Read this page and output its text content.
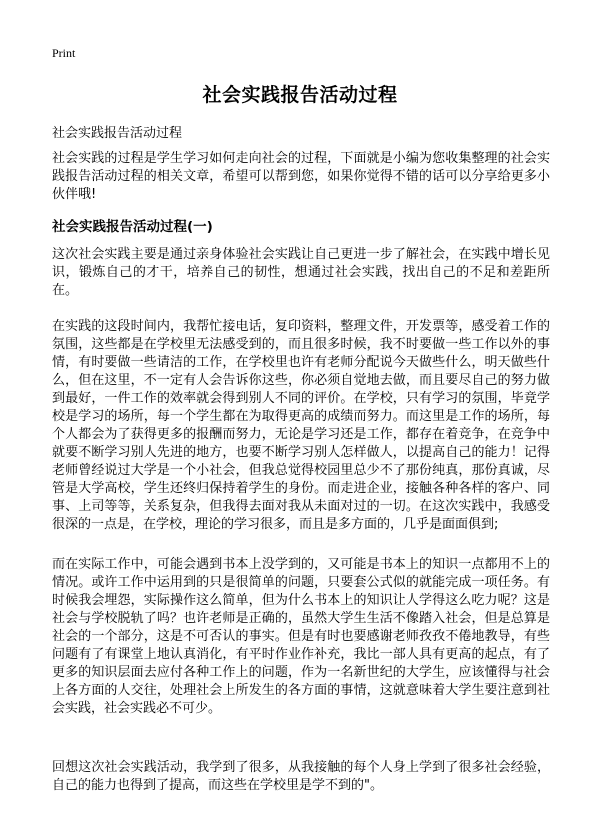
Print
社会实践报告活动过程
社会实践报告活动过程

社会实践的过程是学生学习如何走向社会的过程，下面就是小编为您收集整理的社会实践报告活动过程的相关文章，希望可以帮到您，如果你觉得不错的话可以分享给更多小伙伴哦!

社会实践报告活动过程(一)

这次社会实践主要是通过亲身体验社会实践让自己更进一步了解社会，在实践中增长见识，锻炼自己的才干，培养自己的韧性，想通过社会实践，找出自己的不足和差距所在。

在实践的这段时间内，我帮忙接电话，复印资料，整理文件，开发票等，感受着工作的氛围，这些都是在学校里无法感受到的，而且很多时候，我不时要做一些工作以外的事情，有时要做一些请洁的工作，在学校里也许有老师分配说今天做些什么，明天做些什么，但在这里，不一定有人会告诉你这些，你必须自觉地去做，而且要尽自己的努力做到最好，一件工作的效率就会得到别人不同的评价。在学校，只有学习的氛围，毕竟学校是学习的场所，每一个学生都在为取得更高的成绩而努力。而这里是工作的场所，每个人都会为了获得更多的报酬而努力，无论是学习还是工作，都存在着竞争，在竞争中就要不断学习别人先进的地方，也要不断学习别人怎样做人，以提高自己的能力！记得老师曾经说过大学是一个小社会，但我总觉得校园里总少不了那份纯真，那份真诚，尽管是大学高校，学生还终归保持着学生的身份。而走进企业，接触各种各样的客户、同事、上司等等，关系复杂，但我得去面对我从未面对过的一切。在这次实践中，我感受很深的一点是，在学校，理论的学习很多，而且是多方面的，几乎是面面俱到;

而在实际工作中，可能会遇到书本上没学到的，又可能是书本上的知识一点都用不上的情况。或许工作中运用到的只是很简单的问题，只要套公式似的就能完成一项任务。有时候我会埋怨，实际操作这么简单，但为什么书本上的知识让人学得这么吃力呢？这是社会与学校脱轨了吗？也许老师是正确的，虽然大学生生活不像踏入社会，但是总算是社会的一个部分，这是不可否认的事实。但是有时也要感谢老师孜孜不倦地教导，有些问题有了有课堂上地认真消化，有平时作业作补充，我比一部人具有更高的起点，有了更多的知识层面去应付各种工作上的问题，作为一名新世纪的大学生，应该懂得与社会上各方面的人交往，处理社会上所发生的各方面的事情，这就意味着大学生要注意到社会实践，社会实践必不可少。

回想这次社会实践活动，我学到了很多，从我接触的每个人身上学到了很多社会经验，自己的能力也得到了提高，而这些在学校里是学不到的"。
